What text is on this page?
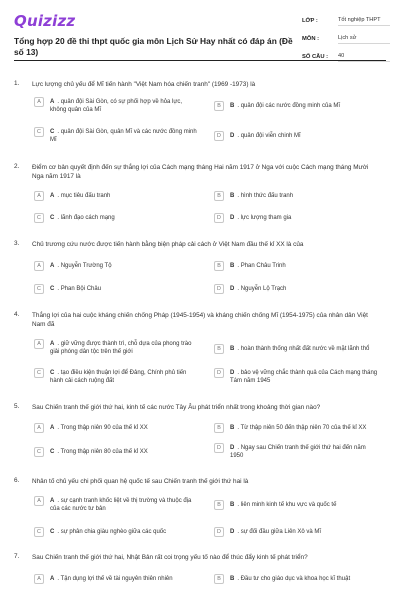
Quizizz
Tổng hợp 20 đề thi thpt quốc gia môn Lịch Sử Hay nhất có đáp án (Đề số 13)
LỚP :	Tốt nghiệp THPT
MÔN :	Lịch sử
SỐ CÂU :	40
1. Lực lượng chủ yếu để Mĩ tiến hành "Việt Nam hóa chiến tranh" (1969 -1973) là
A	A . quân đội Sài Gòn, có sự phối hợp về hỏa lực, không quân của Mĩ
B	B . quân đội các nước đồng minh của Mĩ
C	C . quân đội Sài Gòn, quân Mĩ và các nước đồng minh Mĩ
D	D . quân đội viễn chinh Mĩ
2. Điểm cơ bản quyết định đến sự thắng lợi của Cách mạng tháng Hai năm 1917 ở Nga với cuộc Cách mạng tháng Mười Nga năm 1917 là
A	A . mục tiêu đấu tranh	B	B . hình thức đấu tranh
C	C . lãnh đạo cách mạng	D	D . lực lượng tham gia
3. Chủ trương cứu nước được tiến hành bằng biện pháp cải cách ở Việt Nam đầu thế kỉ XX là của
A	A . Nguyễn Trường Tộ	B	B . Phan Châu Trinh
C	C . Phan Bội Châu	D	D . Nguyễn Lộ Trạch
4. Thắng lợi của hai cuộc kháng chiến chống Pháp (1945-1954) và kháng chiến chống Mĩ (1954-1975) của nhân dân Việt Nam đã
A	A . giữ vững được thành trì, chỗ dựa của phong trào giải phóng dân tộc trên thế giới	B	B . hoàn thành thống nhất đất nước về mặt lãnh thổ
C	C . tạo điều kiện thuận lợi để Đảng, Chính phủ tiến hành cải cách ruộng đất
D	D . bảo vệ vững chắc thành quả của Cách mạng tháng Tám năm 1945
5. Sau Chiến tranh thế giới thứ hai, kinh tế các nước Tây Âu phát triển nhất trong khoảng thời gian nào?
A	A . Trong thập niên 90 của thế kỉ XX	B	B . Từ thập niên 50 đến thập niên 70 của thế kỉ XX
C	C . Trong thập niên 80 của thế kỉ XX
D	D . Ngay sau Chiến tranh thế giới thứ hai đến năm 1950
6. Nhân tố chủ yếu chi phối quan hệ quốc tế sau Chiến tranh thế giới thứ hai là
A	A . sự cạnh tranh khốc liệt về thị trường và thuộc địa của các nước tư bản
B	B . liên minh kinh tế khu vực và quốc tế
C	C . sự phân chia giàu nghèo giữa các quốc	D	D . sự đối đầu giữa Liên Xô và Mĩ
7. Sau Chiến tranh thế giới thứ hai, Nhật Bản rất coi trọng yếu tố nào để thúc đẩy kinh tế phát triển?
A	A . Tận dụng lợi thế về tài nguyên thiên nhiên	B	B . Đầu tư cho giáo dục và khoa học kĩ thuật
